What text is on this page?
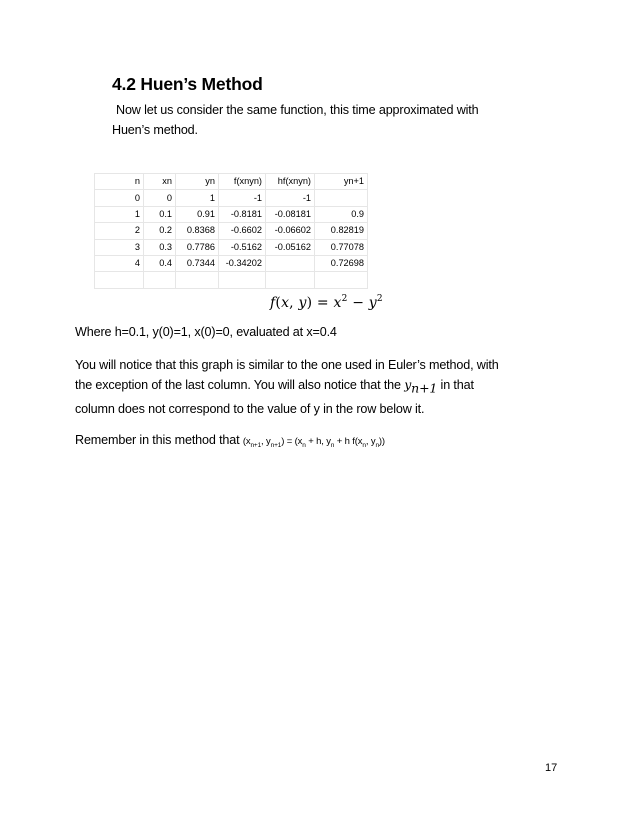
4.2 Huen’s Method
Now let us consider the same function, this time approximated with
Huen’s method.
n	xn	yn	f(xnyn)	hf(xnyn)	yn+1
0	0	1	-1	-1	
1	0.1	0.91	-0.8181	-0.08181	0.9
2	0.2	0.8368	-0.6602	-0.06602	0.82819
3	0.3	0.7786	-0.5162	-0.05162	0.77078
4	0.4	0.7344	-0.34202		0.72698

f(x, $y) = x^2 - y^2$
Where h=0.1, y(0)=1, x(0)=0, evaluated at x=0.4
You will notice that this graph is similar to the one used in Euler’s method, with
the exception of the last column. You will also notice that the $y_{n+1}$ in that
column does not correspond to the value of y in the row below it.
Remember in this method that ($x_{n+1}$, $y_{n+1}) = (x_n + h$, $y_n + h$ $f(x_n$, $y_n$))
17
